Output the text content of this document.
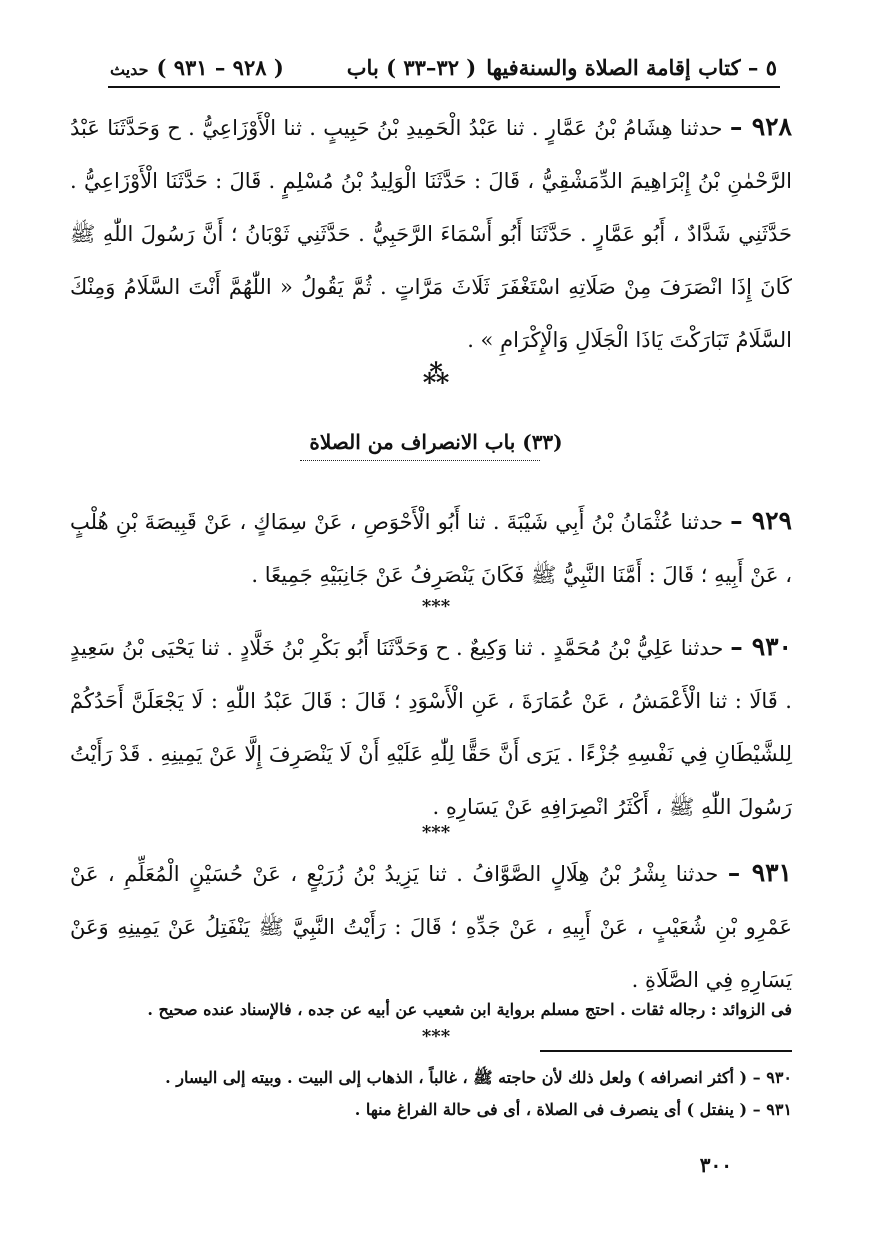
( ٩٢٨ – ٩٣١ )
حديث	٥ – كتاب إقامة الصلاة والسنةفيها
( ٣٢–٣٣ ) باب
٩٢٨ – حدثنا هِشَامُ بْنُ عَمَّارٍ . ثنا عَبْدُ الْحَمِيدِ بْنُ حَبِيبٍ . ثنا الْأَوْزَاعِيُّ . ح وَحَدَّثَنَا عَبْدُ الرَّحْمٰنِ بْنُ إِبْرَاهِيمَ الدِّمَشْقِيُّ ، قَالَ : حَدَّثَنَا الْوَلِيدُ بْنُ مُسْلِمٍ . قَالَ : حَدَّثَنَا الْأَوْزَاعِيُّ . حَدَّثَنِي شَدَّادٌ ، أَبُو عَمَّارٍ . حَدَّثَنَا أَبُو أَسْمَاءَ الرَّحَبِيُّ . حَدَّثَنِي ثَوْبَانُ ؛ أَنَّ رَسُولَ اللّٰهِ ﷺ كَانَ إِذَا انْصَرَفَ مِنْ صَلَاتِهِ اسْتَغْفَرَ ثَلَاثَ مَرَّاتٍ . ثُمَّ يَقُولُ « اللّٰهُمَّ أَنْتَ السَّلَامُ وَمِنْكَ السَّلَامُ تَبَارَكْتَ يَاذَا الْجَلَالِ وَالْإِكْرَامِ » .
⁂
(٣٣) باب الانصراف من الصلاة
٩٢٩ – حدثنا عُثْمَانُ بْنُ أَبِي شَيْبَةَ . ثنا أَبُو الْأَحْوَصِ ، عَنْ سِمَاكٍ ، عَنْ قَبِيصَةَ بْنِ هُلْبٍ ، عَنْ أَبِيهِ ؛ قَالَ : أَمَّنَا النَّبِيُّ ﷺ فَكَانَ يَنْصَرِفُ عَنْ جَانِبَيْهِ جَمِيعًا .
***
٩٣٠ – حدثنا عَلِيُّ بْنُ مُحَمَّدٍ . ثنا وَكِيعٌ . ح وَحَدَّثَنَا أَبُو بَكْرِ بْنُ خَلَّادٍ . ثنا يَحْيَى بْنُ سَعِيدٍ . قَالَا : ثنا الْأَعْمَشُ ، عَنْ عُمَارَةَ ، عَنِ الْأَسْوَدِ ؛ قَالَ : قَالَ عَبْدُ اللّٰهِ : لَا يَجْعَلَنَّ أَحَدُكُمْ لِلشَّيْطَانِ فِي نَفْسِهِ جُزْءًا . يَرَى أَنَّ حَقًّا لِلّٰهِ عَلَيْهِ أَنْ لَا يَنْصَرِفَ إِلَّا عَنْ يَمِينِهِ . قَدْ رَأَيْتُ رَسُولَ اللّٰهِ ﷺ ، أَكْثَرُ انْصِرَافِهِ عَنْ يَسَارِهِ .
***
٩٣١ – حدثنا بِشْرُ بْنُ هِلَالٍ الصَّوَّافُ . ثنا يَزِيدُ بْنُ زُرَيْعٍ ، عَنْ حُسَيْنٍ الْمُعَلِّمِ ، عَنْ عَمْرِو بْنِ شُعَيْبٍ ، عَنْ أَبِيهِ ، عَنْ جَدِّهِ ؛ قَالَ : رَأَيْتُ النَّبِيَّ ﷺ يَنْفَتِلُ عَنْ يَمِينِهِ وَعَنْ يَسَارِهِ فِي الصَّلَاةِ .
فى الزوائد : رجاله ثقات . احتج مسلم برواية ابن شعيب عن أبيه عن جده ، فالإسناد عنده صحيح .
***
٩٣٠ – ( أكثر انصرافه ) ولعل ذلك لأن حاجته ﷺ ، غالباً ، الذهاب إلى البيت . وبيته إلى اليسار .
٩٣١ – ( ينفتل ) أى ينصرف فى الصلاة ، أى فى حالة الفراغ منها .
٣٠٠
